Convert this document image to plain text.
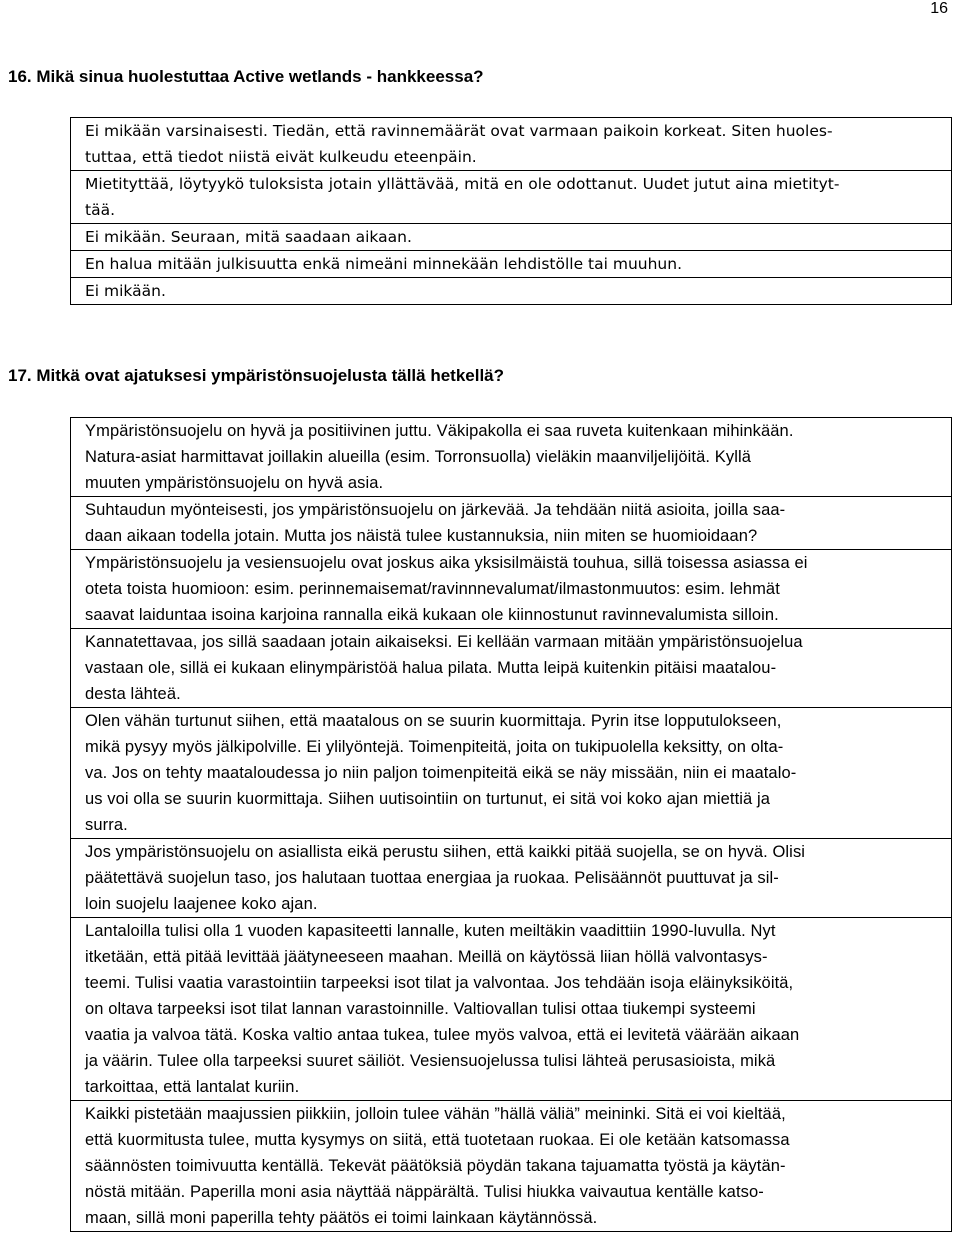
16
16. Mikä sinua huolestuttaa Active wetlands - hankkeessa?
Ei mikään varsinaisesti. Tiedän, että ravinnemäärät ovat varmaan paikoin korkeat. Siten huoles-
tuttaa, että tiedot niistä eivät kulkeudu eteenpäin.

Mietityttää, löytyykö tuloksista jotain yllättävää, mitä en ole odottanut. Uudet jutut aina mietityt-
tää.

Ei mikään. Seuraan, mitä saadaan aikaan.

En halua mitään julkisuutta enkä nimeäni minnekään lehdistölle tai muuhun.

Ei mikään.
17. Mitkä ovat ajatuksesi ympäristönsuojelusta tällä hetkellä?
Ympäristönsuojelu on hyvä ja positiivinen juttu. Väkipakolla ei saa ruveta kuitenkaan mihinkään.
Natura-asiat harmittavat joillakin alueilla (esim. Torronsuolla) vieläkin maanviljelijöitä. Kyllä
muuten ympäristönsuojelu on hyvä asia.

Suhtaudun myönteisesti, jos ympäristönsuojelu on järkevää. Ja tehdään niitä asioita, joilla saa-
daan aikaan todella jotain. Mutta jos näistä tulee kustannuksia, niin miten se huomioidaan?

Ympäristönsuojelu ja vesiensuojelu ovat joskus aika yksisilmäistä touhua, sillä toisessa asiassa ei
oteta toista huomioon: esim. perinnemaisemat/ravinnnevalumat/ilmastonmuutos: esim. lehmät
saavat laiduntaa isoina karjoina rannalla eikä kukaan ole kiinnostunut ravinnevalumista silloin.

Kannatettavaa, jos sillä saadaan jotain aikaiseksi. Ei kellään varmaan mitään ympäristönsuojelua
vastaan ole, sillä ei kukaan elinympäristöä halua pilata. Mutta leipä kuitenkin pitäisi maatalou-
desta lähteä.

Olen vähän turtunut siihen, että maatalous on se suurin kuormittaja. Pyrin itse lopputulokseen,
mikä pysyy myös jälkipolville. Ei ylilyöntejä. Toimenpiteitä, joita on tukipuolella keksitty, on olta-
va. Jos on tehty maataloudessa jo niin paljon toimenpiteitä eikä se näy missään, niin ei maatalo-
us voi olla se suurin kuormittaja. Siihen uutisointiin on turtunut, ei sitä voi koko ajan miettiä ja
surra.

Jos ympäristönsuojelu on asiallista eikä perustu siihen, että kaikki pitää suojella, se on hyvä. Olisi
päätettävä suojelun taso, jos halutaan tuottaa energiaa ja ruokaa. Pelisäännöt puuttuvat ja sil-
loin suojelu laajenee koko ajan.

Lantaloilla tulisi olla 1 vuoden kapasiteetti lannalle, kuten meiltäkin vaadittiin 1990-luvulla. Nyt
itketään, että pitää levittää jäätyneeseen maahan. Meillä on käytössä liian höllä valvontasys-
teemi. Tulisi vaatia varastointiin tarpeeksi isot tilat ja valvontaa. Jos tehdään isoja eläinyksiköitä,
on oltava tarpeeksi isot tilat lannan varastoinnille. Valtiovallan tulisi ottaa tiukempi systeemi
vaatia ja valvoa tätä. Koska valtio antaa tukea, tulee myös valvoa, että ei levitetä väärään aikaan
ja väärin. Tulee olla tarpeeksi suuret säiliöt. Vesiensuojelussa tulisi lähteä perusasioista, mikä
tarkoittaa, että lantalat kuriin.

Kaikki pistetään maajussien piikkiin, jolloin tulee vähän ”hällä väliä” meininki. Sitä ei voi kieltää,
että kuormitusta tulee, mutta kysymys on siitä, että tuotetaan ruokaa. Ei ole ketään katsomassa
säännösten toimivuutta kentällä. Tekevät päätöksiä pöydän takana tajuamatta työstä ja käytän-
nöstä mitään. Paperilla moni asia näyttää näppärältä. Tulisi hiukka vaivautua kentälle katso-
maan, sillä moni paperilla tehty päätös ei toimi lainkaan käytännössä.
